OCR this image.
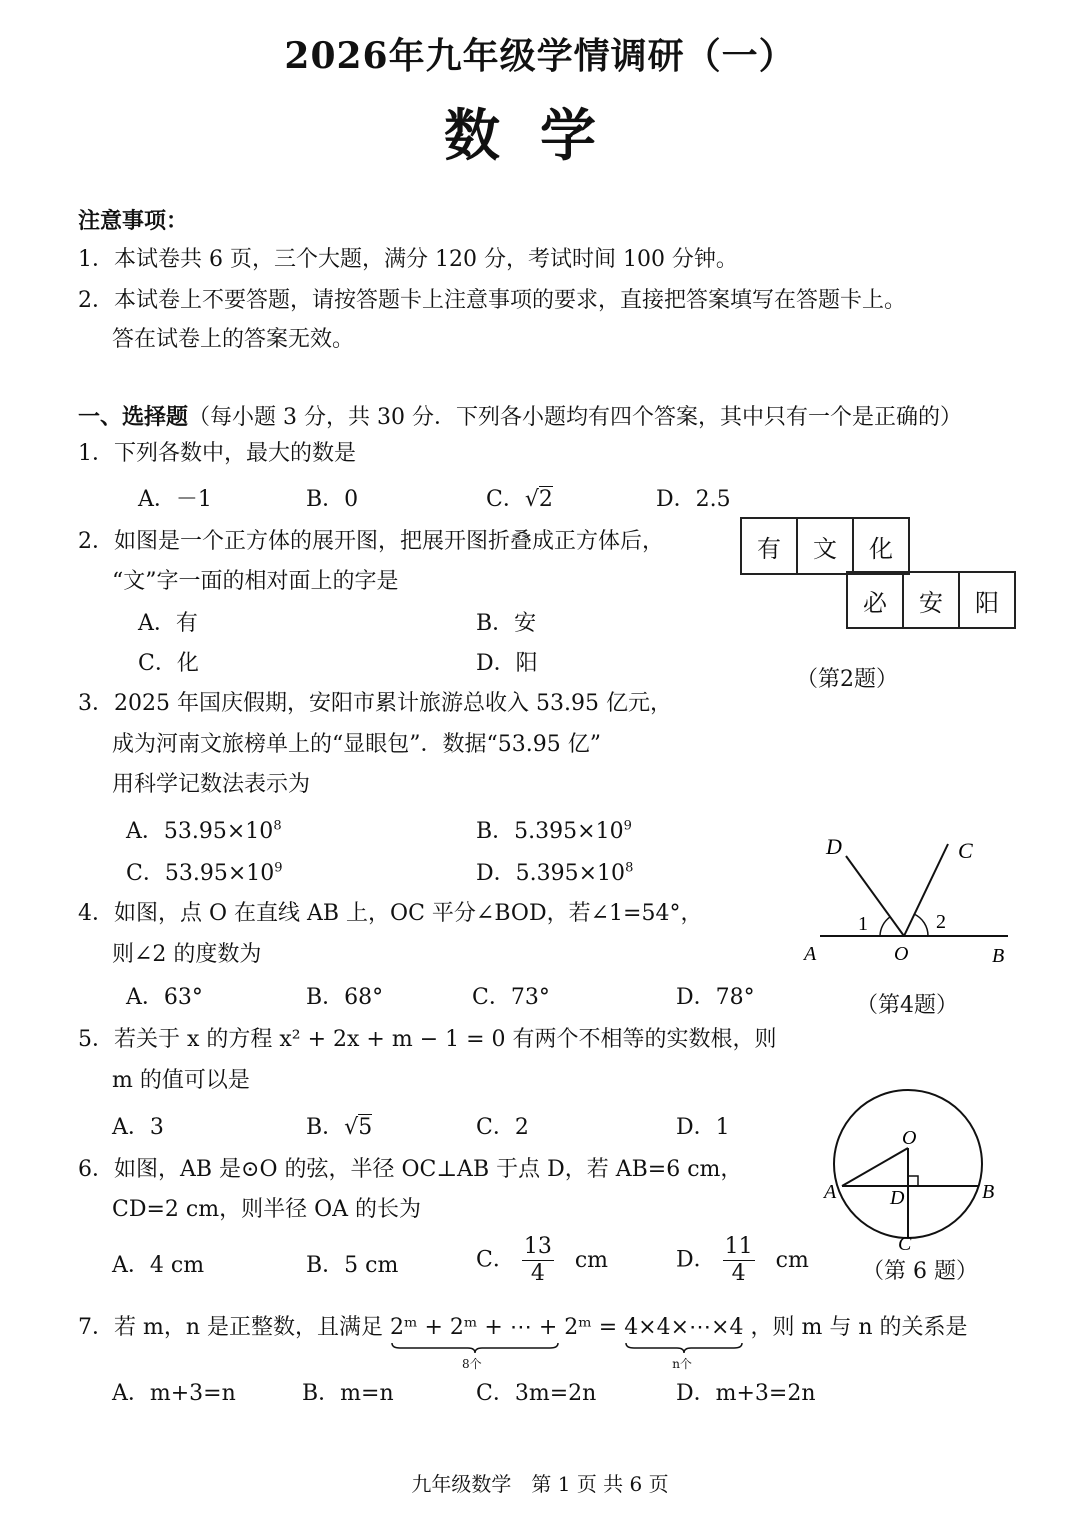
2026年九年级学情调研（一）
数学
注意事项：
1．本试卷共 6 页，三个大题，满分 120 分，考试时间 100 分钟。
2．本试卷上不要答题，请按答题卡上注意事项的要求，直接把答案填写在答题卡上。
答在试卷上的答案无效。
一、选择题（每小题 3 分，共 30 分．下列各小题均有四个答案，其中只有一个是正确的）
1．下列各数中，最大的数是
A．－1	B．0	C．√2	D．2.5
2．如图是一个正方体的展开图，把展开图折叠成正方体后，
“文”字一面的相对面上的字是
A．有	B．安
C．化	D．阳
有	文	化
必	安	阳
（第2题）
3．2025 年国庆假期，安阳市累计旅游总收入 53.95 亿元，
成为河南文旅榜单上的“显眼包”．数据“53.95 亿”
用科学记数法表示为
A．$53.95\times 10^8$	B．$5.395\times 10^9$
C．$53.95\times 10^9$	D．$5.395\times 10^8$
4．如图，点 O 在直线 AB 上，OC 平分∠BOD，若∠1=54°，
则∠2 的度数为
A．63°	B．68°	C．73°	D．78°
D	C
A	O	B
1	2
（第4题）
5．若关于 x 的方程 x² + 2x + m − 1 = 0 有两个不相等的实数根，则
m 的值可以是
A．3	B．√5	C．2	D．1
6．如图，AB 是⊙O 的弦，半径 OC⊥AB 于点 D，若 AB=6 cm，
CD=2 cm，则半径 OA 的长为
A．4 cm	B．5 cm	C． $\frac{13}{4}$ cm	D． $\frac{11}{4}$ cm
O
A	B
D
C
（第 6 题）
7．若 m，n 是正整数，且满足 2ᵐ + 2ᵐ + ⋯ + 2ᵐ
8个
= 4×4×⋯×4
n个
，则 m 与 n 的关系是
A．m+3=n	B．m=n	C．3m=2n	D．m+3=2n
九年级数学　第 1 页 共 6 页
